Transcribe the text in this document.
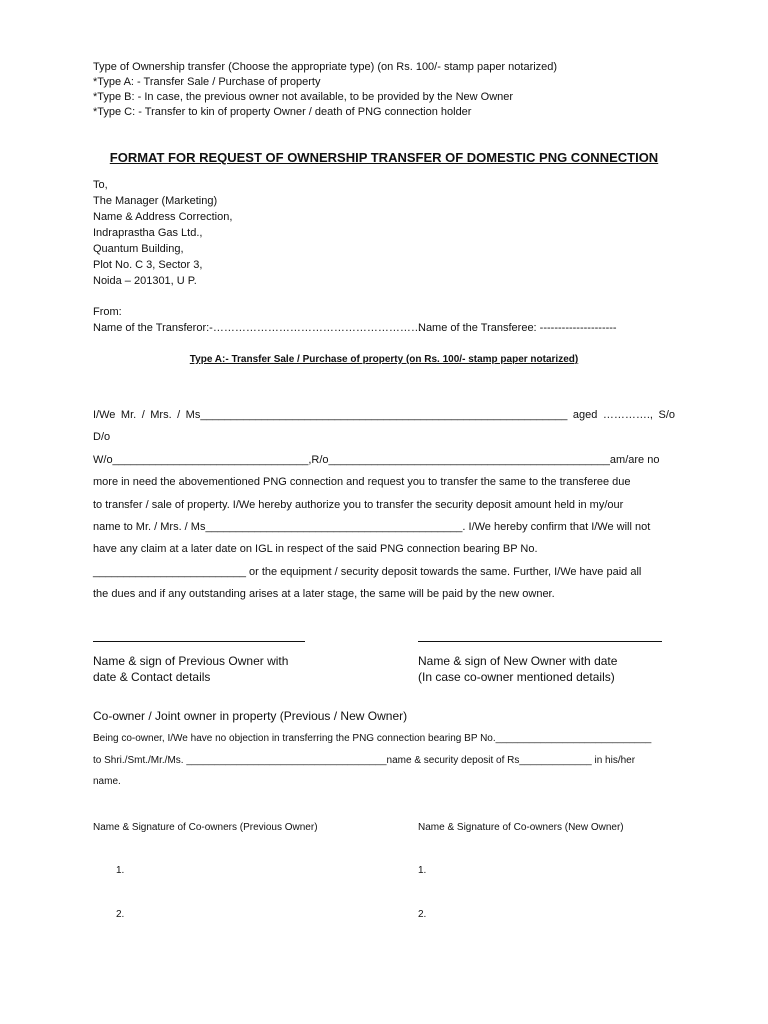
Type of Ownership transfer (Choose the appropriate type) (on Rs. 100/- stamp paper notarized)
*Type A: - Transfer Sale / Purchase of property
*Type B: - In case, the previous owner not available, to be provided by the New Owner
*Type C: - Transfer to kin of property Owner / death of PNG connection holder
FORMAT FOR REQUEST OF OWNERSHIP TRANSFER OF DOMESTIC PNG CONNECTION
To,
The Manager (Marketing)
Name & Address Correction,
Indraprastha Gas Ltd.,
Quantum Building,
Plot No. C 3, Sector 3,
Noida – 201301, U P.
From:
Name of the Transferor:-…………………………………………………
Name of the Transferee: ---------------------
Type A:- Transfer Sale / Purchase of property (on Rs. 100/- stamp paper notarized)

I/We Mr. / Mrs. / Ms____________________________________________________________ aged …………., S/o D/o

W/o________________________________,R/o______________________________________________am/are no

more in need the abovementioned PNG connection and request you to transfer the same to the transferee due

to transfer / sale of property. I/We hereby authorize you to transfer the security deposit amount held in my/our

name to Mr. / Mrs. / Ms__________________________________________. I/We hereby confirm that I/We will not

have any claim at a later date on IGL in respect of the said PNG connection bearing BP No.

_________________________ or the equipment / security deposit towards the same. Further, I/We have paid all

the dues and if any outstanding arises at a later stage, the same will be paid by the new owner.

Name & sign of Previous Owner with
date & Contact details
Name & sign of New Owner with date
(In case co-owner mentioned details)
Co-owner / Joint owner in property (Previous / New Owner)

Being co-owner, I/We have no objection in transferring the PNG connection bearing BP No.____________________________

to Shri./Smt./Mr./Ms. ____________________________________name & security deposit of Rs_____________ in his/her

name.

Name & Signature of Co-owners (Previous Owner)	Name & Signature of Co-owners (New Owner)
1.
2.
1.
2.
